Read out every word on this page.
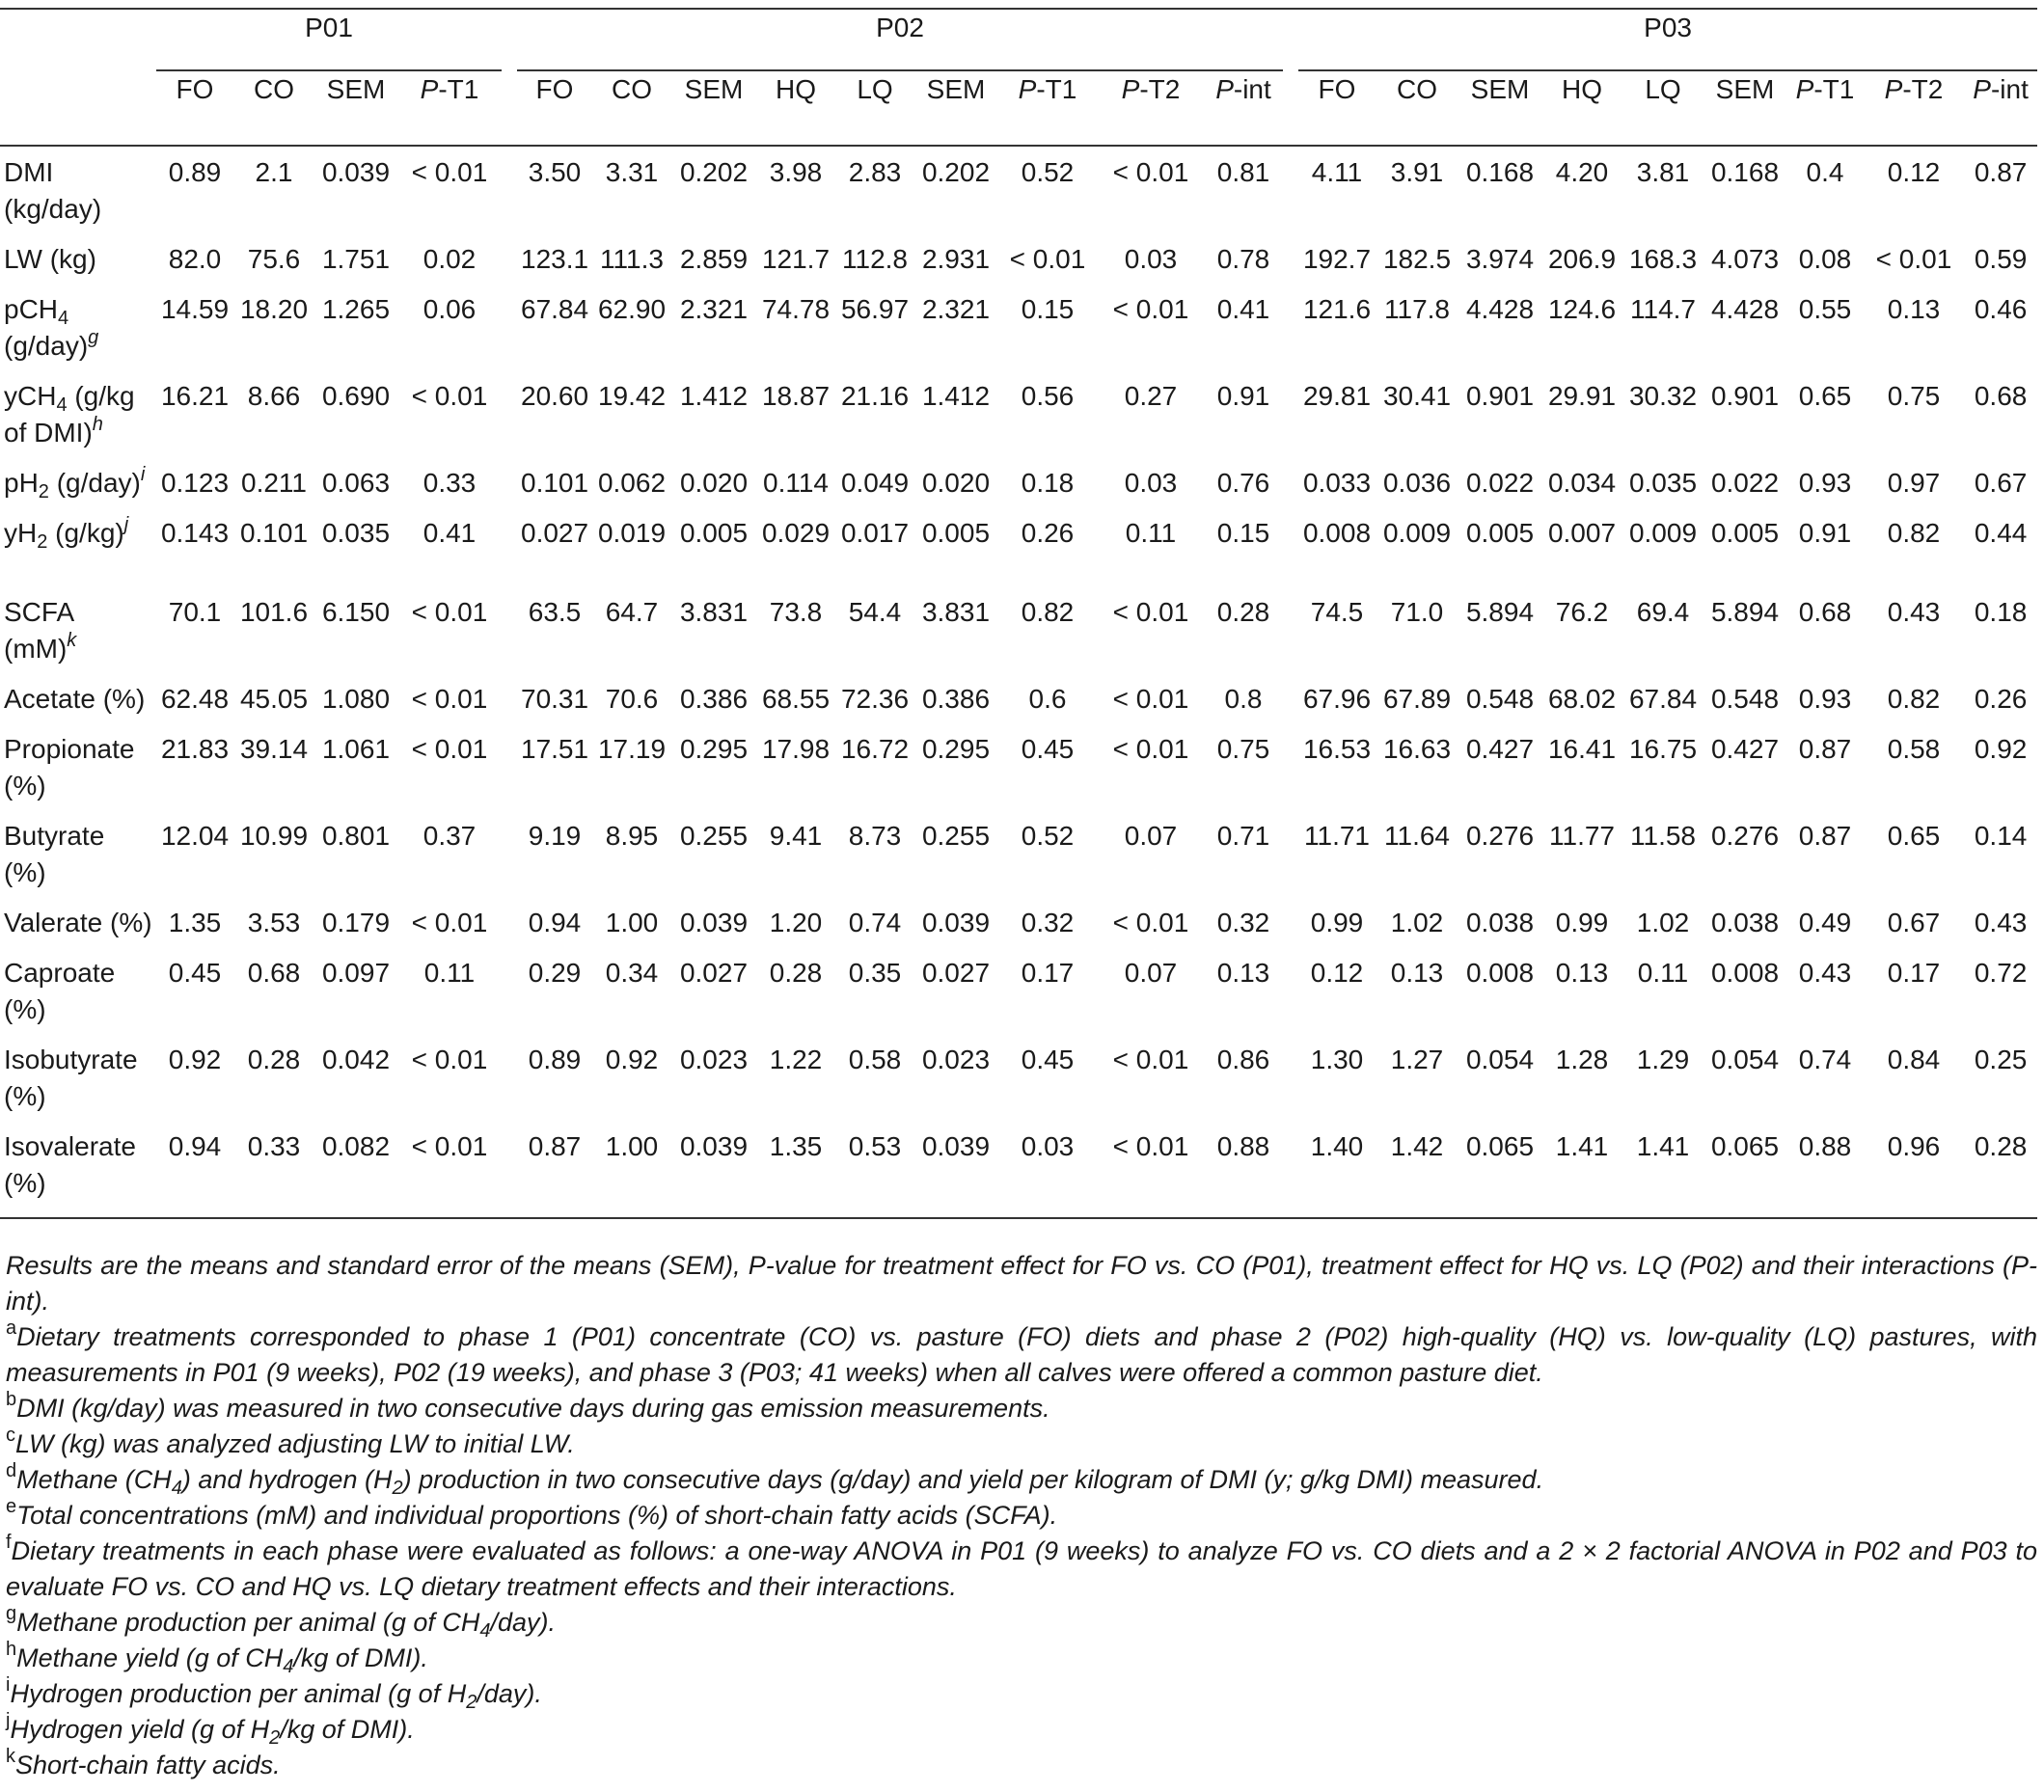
	P01					P02										P03								
	FO	CO	SEM	P-T1		FO	CO	SEM	HQ	LQ	SEM	P-T1	P-T2	P-int		FO	CO	SEM	HQ	LQ	SEM	P-T1	P-T2	P-int
DMI (kg/day)	0.89	2.1	0.039	< 0.01		3.50	3.31	0.202	3.98	2.83	0.202	0.52	< 0.01	0.81		4.11	3.91	0.168	4.20	3.81	0.168	0.4	0.12	0.87
LW (kg)	82.0	75.6	1.751	0.02		123.1	111.3	2.859	121.7	112.8	2.931	< 0.01	0.03	0.78		192.7	182.5	3.974	206.9	168.3	4.073	0.08	< 0.01	0.59
pCH$_4$ $(g/day)^g$	14.59	18.20	1.265	0.06		67.84	62.90	2.321	74.78	56.97	2.321	0.15	< 0.01	0.41		121.6	117.8	4.428	124.6	114.7	4.428	0.55	0.13	0.46
yCH$_4$ (g/kg of DMI)$^h$	16.21	8.66	0.690	< 0.01		20.60	19.42	1.412	18.87	21.16	1.412	0.56	0.27	0.91		29.81	30.41	0.901	29.91	30.32	0.901	0.65	0.75	0.68
$pH_2$ $(g/day)^i$	0.123	0.211	0.063	0.33		0.101	0.062	0.020	0.114	0.049	0.020	0.18	0.03	0.76		0.033	0.036	0.022	0.034	0.035	0.022	0.93	0.97	0.67
$yH_2$ $(g/kg)^j$	0.143	0.101	0.035	0.41		0.027	0.019	0.005	0.029	0.017	0.005	0.26	0.11	0.15		0.008	0.009	0.005	0.007	0.009	0.005	0.91	0.82	0.44
SCFA (mM)$^k$	70.1	101.6	6.150	< 0.01		63.5	64.7	3.831	73.8	54.4	3.831	0.82	< 0.01	0.28		74.5	71.0	5.894	76.2	69.4	5.894	0.68	0.43	0.18
Acetate (%)	62.48	45.05	1.080	< 0.01		70.31	70.6	0.386	68.55	72.36	0.386	0.6	< 0.01	0.8		67.96	67.89	0.548	68.02	67.84	0.548	0.93	0.82	0.26
Propionate (%)	21.83	39.14	1.061	< 0.01		17.51	17.19	0.295	17.98	16.72	0.295	0.45	< 0.01	0.75		16.53	16.63	0.427	16.41	16.75	0.427	0.87	0.58	0.92
Butyrate (%)	12.04	10.99	0.801	0.37		9.19	8.95	0.255	9.41	8.73	0.255	0.52	0.07	0.71		11.71	11.64	0.276	11.77	11.58	0.276	0.87	0.65	0.14
Valerate (%)	1.35	3.53	0.179	< 0.01		0.94	1.00	0.039	1.20	0.74	0.039	0.32	< 0.01	0.32		0.99	1.02	0.038	0.99	1.02	0.038	0.49	0.67	0.43
Caproate (%)	0.45	0.68	0.097	0.11		0.29	0.34	0.027	0.28	0.35	0.027	0.17	0.07	0.13		0.12	0.13	0.008	0.13	0.11	0.008	0.43	0.17	0.72
Isobutyrate (%)	0.92	0.28	0.042	< 0.01		0.89	0.92	0.023	1.22	0.58	0.023	0.45	< 0.01	0.86		1.30	1.27	0.054	1.28	1.29	0.054	0.74	0.84	0.25
Isovalerate (%)	0.94	0.33	0.082	< 0.01		0.87	1.00	0.039	1.35	0.53	0.039	0.03	< 0.01	0.88		1.40	1.42	0.065	1.41	1.41	0.065	0.88	0.96	0.28

Results are the means and standard error of the means (SEM), P-value for treatment effect for FO vs. CO (P01), treatment effect for HQ vs. LQ (P02) and their interactions (P-int).

$^a$Dietary treatments corresponded to phase 1 (P01) concentrate (CO) vs. pasture (FO) diets and phase 2 (P02) high-quality (HQ) vs. low-quality (LQ) pastures, with measurements in P01 (9 weeks), P02 (19 weeks), and phase 3 (P03; 41 weeks) when all calves were offered a common pasture diet.

$^b$DMI (kg/day) was measured in two consecutive days during gas emission measurements.

$^c$LW (kg) was analyzed adjusting LW to initial LW.

$^d$Methane $(CH_4)$ and hydrogen $(H_2)$ production in two consecutive days (g/day) and yield per kilogram of DMI (y; g/kg DMI) measured.

$^e$Total concentrations (mM) and individual proportions (%) of short-chain fatty acids (SCFA).

$^f$Dietary treatments in each phase were evaluated as follows: a one-way ANOVA in P01 (9 weeks) to analyze FO vs. CO diets and a 2 × 2 factorial ANOVA in P02 and P03 to evaluate FO vs. CO and HQ vs. LQ dietary treatment effects and their interactions.

$^g$Methane production per animal (g of $CH_4/day$).

$^h$Methane yield (g of $CH_4/kg$ of DMI).

$^i$Hydrogen production per animal (g of $H_2/day$).

$^j$Hydrogen yield (g of $H_2/kg$ of DMI).

$^k$Short-chain fatty acids.
